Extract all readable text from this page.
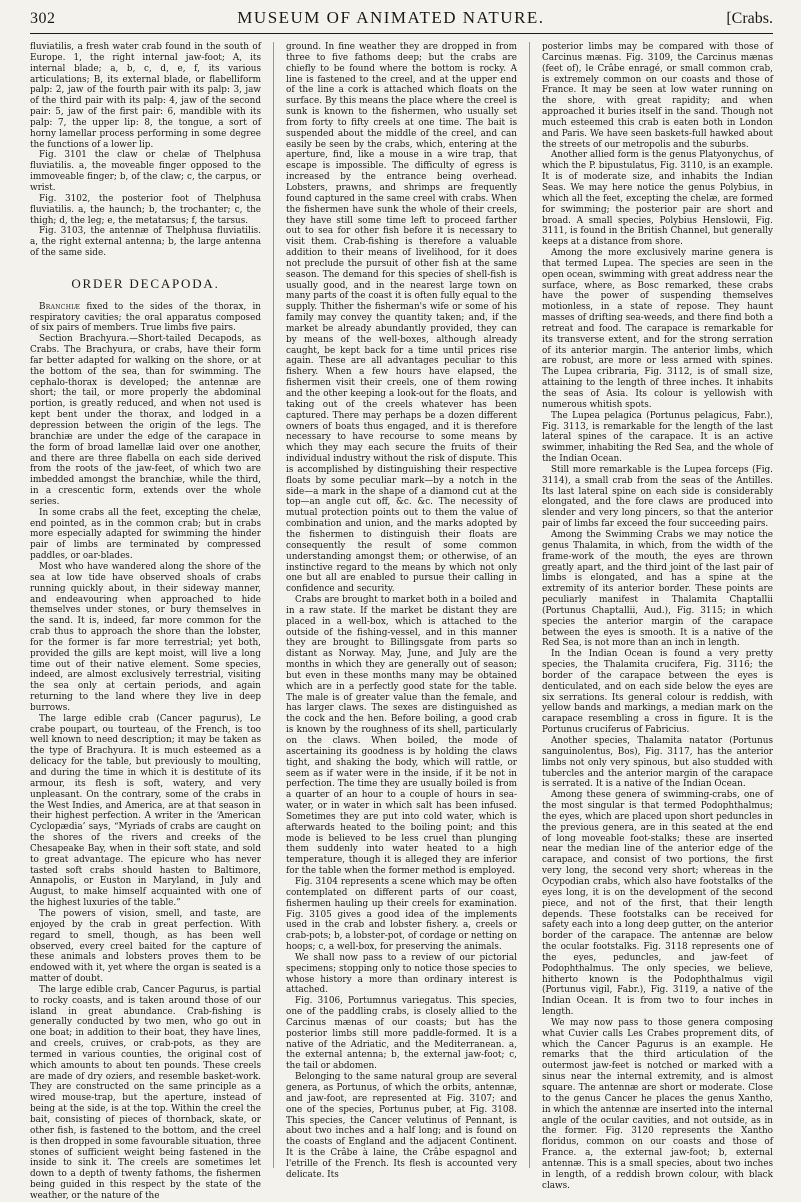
302	MUSEUM OF ANIMATED NATURE.	[Crabs.

fluviatilis, a fresh water crab found in the south of Europe. 1, the right internal jaw-foot; A, its internal blade; a, b, c, d, e, f, its various articulations; B, its external blade, or flabelliform palp: 2, jaw of the fourth pair with its palp: 3, jaw of the third pair with its palp: 4, jaw of the second pair: 5, jaw of the first pair: 6, mandible with its palp: 7, the upper lip: 8, the tongue, a sort of horny lamellar process performing in some degree the functions of a lower lip.

Fig. 3101 the claw or chelæ of Thelphusa fluviatilis. a, the moveable finger opposed to the immoveable finger; b, of the claw; c, the carpus, or wrist.

Fig. 3102, the posterior foot of Thelphusa fluviatilis. a, the haunch; b, the trochanter; c, the thigh; d, the leg; e, the metatarsus; f, the tarsus.

Fig. 3103, the antennæ of Thelphusa fluviatilis. a, the right external antenna; b, the large antenna of the same side.

ORDER DECAPODA.

Branchiæ fixed to the sides of the thorax, in respiratory cavities; the oral apparatus composed of six pairs of members. True limbs five pairs.

Section Brachyura.—Short-tailed Decapods, as Crabs. The Brachyura, or crabs, have their form far better adapted for walking on the shore, or at the bottom of the sea, than for swimming. The cephalo-thorax is developed; the antennæ are short; the tail, or more properly the abdominal portion, is greatly reduced, and when not used is kept bent under the thorax, and lodged in a depression between the origin of the legs. The branchiæ are under the edge of the carapace in the form of broad lamellæ laid over one another, and there are three flabella on each side derived from the roots of the jaw-feet, of which two are imbedded amongst the branchiæ, while the third, in a crescentic form, extends over the whole series.

In some crabs all the feet, excepting the chelæ, end pointed, as in the common crab; but in crabs more especially adapted for swimming the hinder pair of limbs are terminated by compressed paddles, or oar-blades.

Most who have wandered along the shore of the sea at low tide have observed shoals of crabs running quickly about, in their sideway manner, and endeavouring when approached to hide themselves under stones, or bury themselves in the sand. It is, indeed, far more common for the crab thus to approach the shore than the lobster, for the former is far more terrestrial; yet both, provided the gills are kept moist, will live a long time out of their native element. Some species, indeed, are almost exclusively terrestrial, visiting the sea only at certain periods, and again returning to the land where they live in deep burrows.

The large edible crab (Cancer pagurus), Le crabe poupart, ou tourteau, of the French, is too well known to need description; it may be taken as the type of Brachyura. It is much esteemed as a delicacy for the table, but previously to moulting, and during the time in which it is destitute of its armour, its flesh is soft, watery, and very unpleasant. On the contrary, some of the crabs in the West Indies, and America, are at that season in their highest perfection. A writer in the ‘American Cyclopædia’ says, “Myriads of crabs are caught on the shores of the rivers and creeks of the Chesapeake Bay, when in their soft state, and sold to great advantage. The epicure who has never tasted soft crabs should hasten to Baltimore, Annapolis, or Euston in Maryland, in July and August, to make himself acquainted with one of the highest luxuries of the table.”

The powers of vision, smell, and taste, are enjoyed by the crab in great perfection. With regard to smell, though, as has been well observed, every creel baited for the capture of these animals and lobsters proves them to be endowed with it, yet where the organ is seated is a matter of doubt.

The large edible crab, Cancer Pagurus, is partial to rocky coasts, and is taken around those of our island in great abundance. Crab-fishing is generally conducted by two men, who go out in one boat; in addition to their boat, they have lines, and creels, cruives, or crab-pots, as they are termed in various counties, the original cost of which amounts to about ten pounds. These creels are made of dry oziers, and resemble basket-work. They are constructed on the same principle as a wired mouse-trap, but the aperture, instead of being at the side, is at the top. Within the creel the bait, consisting of pieces of thornback, skate, or other fish, is fastened to the bottom, and the creel is then dropped in some favourable situation, three stones of sufficient weight being fastened in the inside to sink it. The creels are sometimes let down to a depth of twenty fathoms, the fishermen being guided in this respect by the state of the weather, or the nature of the

ground. In fine weather they are dropped in from three to five fathoms deep; but the crabs are chiefly to be found where the bottom is rocky. A line is fastened to the creel, and at the upper end of the line a cork is attached which floats on the surface. By this means the place where the creel is sunk is known to the fishermen, who usually set from forty to fifty creels at one time. The bait is suspended about the middle of the creel, and can easily be seen by the crabs, which, entering at the aperture, find, like a mouse in a wire trap, that escape is impossible. The difficulty of egress is increased by the entrance being overhead. Lobsters, prawns, and shrimps are frequently found captured in the same creel with crabs. When the fishermen have sunk the whole of their creels, they have still some time left to proceed farther out to sea for other fish before it is necessary to visit them. Crab-fishing is therefore a valuable addition to their means of livelihood, for it does not preclude the pursuit of other fish at the same season. The demand for this species of shell-fish is usually good, and in the nearest large town on many parts of the coast it is often fully equal to the supply. Thither the fisherman's wife or some of his family may convey the quantity taken; and, if the market be already abundantly provided, they can by means of the well-boxes, although already caught, be kept back for a time until prices rise again. These are all advantages peculiar to this fishery. When a few hours have elapsed, the fishermen visit their creels, one of them rowing and the other keeping a look-out for the floats, and taking out of the creels whatever has been captured. There may perhaps be a dozen different owners of boats thus engaged, and it is therefore necessary to have recourse to some means by which they may each secure the fruits of their individual industry without the risk of dispute. This is accomplished by distinguishing their respective floats by some peculiar mark—by a notch in the side—a mark in the shape of a diamond cut at the top—an angle cut off, &c. &c. The necessity of mutual protection points out to them the value of combination and union, and the marks adopted by the fishermen to distinguish their floats are consequently the result of some common understanding amongst them; or otherwise, of an instinctive regard to the means by which not only one but all are enabled to pursue their calling in confidence and security.

Crabs are brought to market both in a boiled and in a raw state. If the market be distant they are placed in a well-box, which is attached to the outside of the fishing-vessel, and in this manner they are brought to Billingsgate from parts so distant as Norway. May, June, and July are the months in which they are generally out of season; but even in these months many may be obtained which are in a perfectly good state for the table. The male is of greater value than the female, and has larger claws. The sexes are distinguished as the cock and the hen. Before boiling, a good crab is known by the roughness of its shell, particularly on the claws. When boiled, the mode of ascertaining its goodness is by holding the claws tight, and shaking the body, which will rattle, or seem as if water were in the inside, if it be not in perfection. The time they are usually boiled is from a quarter of an hour to a couple of hours in sea-water, or in water in which salt has been infused. Sometimes they are put into cold water, which is afterwards heated to the boiling point; and this mode is believed to be less cruel than plunging them suddenly into water heated to a high temperature, though it is alleged they are inferior for the table when the former method is employed.

Fig. 3104 represents a scene which may be often contemplated on different parts of our coast, fishermen hauling up their creels for examination. Fig. 3105 gives a good idea of the implements used in the crab and lobster fishery. a, creels or crab-pots; b, a lobster-pot, of cordage or netting on hoops; c, a well-box, for preserving the animals.

We shall now pass to a review of our pictorial specimens; stopping only to notice those species to whose history a more than ordinary interest is attached.

Fig. 3106, Portumnus variegatus. This species, one of the paddling crabs, is closely allied to the Carcinus mænas of our coasts; but has the posterior limbs still more paddle-formed. It is a native of the Adriatic, and the Mediterranean. a, the external antenna; b, the external jaw-foot; c, the tail or abdomen.

Belonging to the same natural group are several genera, as Portunus, of which the orbits, antennæ, and jaw-foot, are represented at Fig. 3107; and one of the species, Portunus puber, at Fig. 3108. This species, the Cancer velutinus of Pennant, is about two inches and a half long; and is found on the coasts of England and the adjacent Continent. It is the Crâbe à laine, the Crâbe espagnol and l'etrille of the French. Its flesh is accounted very delicate. Its

posterior limbs may be compared with those of Carcinus mænas. Fig. 3109, the Carcinus mænas (feet of), le Crâbe enragé, or small common crab, is extremely common on our coasts and those of France. It may be seen at low water running on the shore, with great rapidity; and when approached it buries itself in the sand. Though not much esteemed this crab is eaten both in London and Paris. We have seen baskets-full hawked about the streets of our metropolis and the suburbs.

Another allied form is the genus Platyonychus, of which the P. bipustulatus, Fig. 3110, is an example. It is of moderate size, and inhabits the Indian Seas. We may here notice the genus Polybius, in which all the feet, excepting the chelæ, are formed for swimming; the posterior pair are short and broad. A small species, Polybius Henslowii, Fig. 3111, is found in the British Channel, but generally keeps at a distance from shore.

Among the more exclusively marine genera is that termed Lupea. The species are seen in the open ocean, swimming with great address near the surface, where, as Bosc remarked, these crabs have the power of suspending themselves motionless, in a state of repose. They haunt masses of drifting sea-weeds, and there find both a retreat and food. The carapace is remarkable for its transverse extent, and for the strong serration of its anterior margin. The anterior limbs, which are robust, are more or less armed with spines. The Lupea cribraria, Fig. 3112, is of small size, attaining to the length of three inches. It inhabits the seas of Asia. Its colour is yellowish with numerous whitish spots.

The Lupea pelagica (Portunus pelagicus, Fabr.), Fig. 3113, is remarkable for the length of the last lateral spines of the carapace. It is an active swimmer, inhabiting the Red Sea, and the whole of the Indian Ocean.

Still more remarkable is the Lupea forceps (Fig. 3114), a small crab from the seas of the Antilles. Its last lateral spine on each side is considerably elongated, and the fore claws are produced into slender and very long pincers, so that the anterior pair of limbs far exceed the four succeeding pairs.

Among the Swimming Crabs we may notice the genus Thalamita, in which, from the width of the frame-work of the mouth, the eyes are thrown greatly apart, and the third joint of the last pair of limbs is elongated, and has a spine at the extremity of its anterior border. These points are peculiarly manifest in Thalamita Chaptallii (Portunus Chaptallii, Aud.), Fig. 3115; in which species the anterior margin of the carapace between the eyes is smooth. It is a native of the Red Sea, is not more than an inch in length.

In the Indian Ocean is found a very pretty species, the Thalamita crucifera, Fig. 3116; the border of the carapace between the eyes is denticulated, and on each side below the eyes are six serrations. Its general colour is reddish, with yellow bands and markings, a median mark on the carapace resembling a cross in figure. It is the Portunus cruciferus of Fabricius.

Another species, Thalamita natator (Portunus sanguinolentus, Bos), Fig. 3117, has the anterior limbs not only very spinous, but also studded with tubercles and the anterior margin of the carapace is serrated. It is a native of the Indian Ocean.

Among these genera of swimming-crabs, one of the most singular is that termed Podophthalmus; the eyes, which are placed upon short peduncles in the previous genera, are in this seated at the end of long moveable foot-stalks; these are inserted near the median line of the anterior edge of the carapace, and consist of two portions, the first very long, the second very short; whereas in the Ocypodian crabs, which also have footstalks of the eyes long, it is on the development of the second piece, and not of the first, that their length depends. These footstalks can be received for safety each into a long deep gutter, on the anterior border of the carapace. The antennæ are below the ocular footstalks. Fig. 3118 represents one of the eyes, peduncles, and jaw-feet of Podophthalmus. The only species, we believe, hitherto known is the Podophthalmus vigil (Portunus vigil, Fabr.), Fig. 3119, a native of the Indian Ocean. It is from two to four inches in length.

We may now pass to those genera composing what Cuvier calls Les Crabes proprement dits, of which the Cancer Pagurus is an example. He remarks that the third articulation of the outermost jaw-feet is notched or marked with a sinus near the internal extremity, and is almost square. The antennæ are short or moderate. Close to the genus Cancer he places the genus Xantho, in which the antennæ are inserted into the internal angle of the ocular cavities, and not outside, as in the former. Fig. 3120 represents the Xantho floridus, common on our coasts and those of France. a, the external jaw-foot; b, external antennæ. This is a small species, about two inches in length, of a reddish brown colour, with black claws.
